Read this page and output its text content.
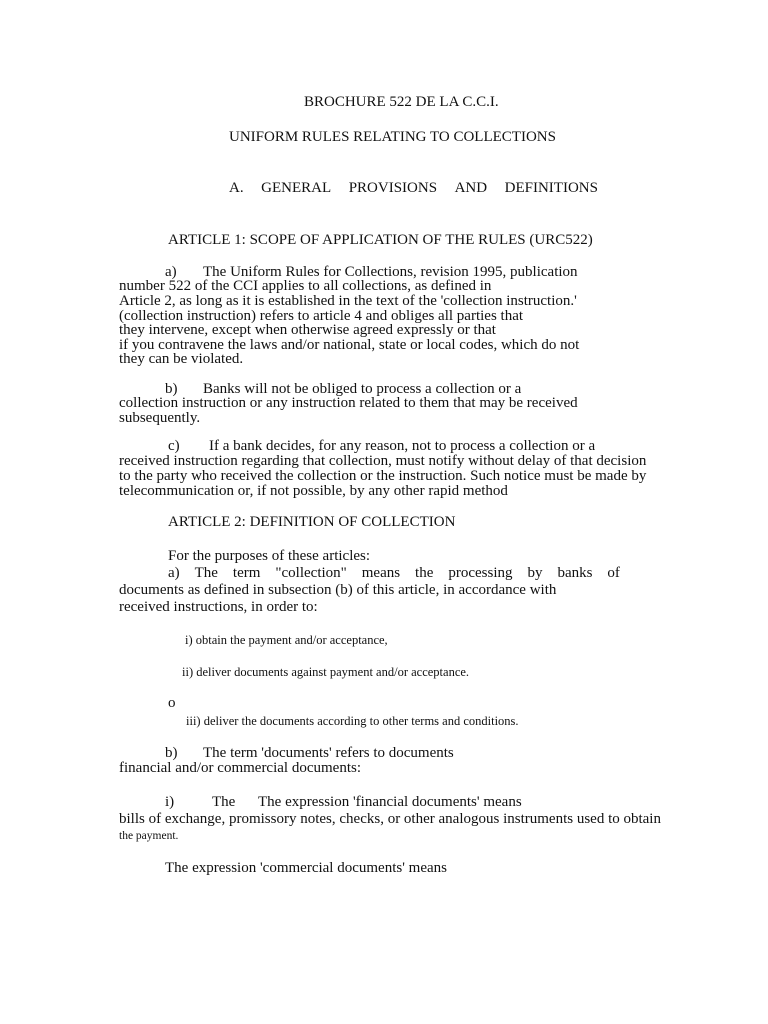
BROCHURE 522 DE LA C.C.I.
UNIFORM RULES RELATING TO COLLECTIONS
A. GENERAL PROVISIONS AND DEFINITIONS
ARTICLE 1: SCOPE OF APPLICATION OF THE RULES (URC522)
a) The Uniform Rules for Collections, revision 1995, publication
number 522 of the CCI applies to all collections, as defined in
Article 2, as long as it is established in the text of the 'collection instruction.'
(collection instruction) refers to article 4 and obliges all parties that
they intervene, except when otherwise agreed expressly or that
if you contravene the laws and/or national, state or local codes, which do not
they can be violated.
b) Banks will not be obliged to process a collection or a
collection instruction or any instruction related to them that may be received
subsequently.
c) If a bank decides, for any reason, not to process a collection or a
received instruction regarding that collection, must notify without delay of that decision
to the party who received the collection or the instruction. Such notice must be made by
telecommunication or, if not possible, by any other rapid method
ARTICLE 2: DEFINITION OF COLLECTION
For the purposes of these articles:
a) The term "collection" means the processing by banks of
documents as defined in subsection (b) of this article, in accordance with
received instructions, in order to:
i) obtain the payment and/or acceptance,
ii) deliver documents against payment and/or acceptance.
o
iii) deliver the documents according to other terms and conditions.
b) The term 'documents' refers to documents
financial and/or commercial documents:
i)	The The expression 'financial documents' means
bills of exchange, promissory notes, checks, or other analogous instruments used to obtain
the payment.
The expression 'commercial documents' means
